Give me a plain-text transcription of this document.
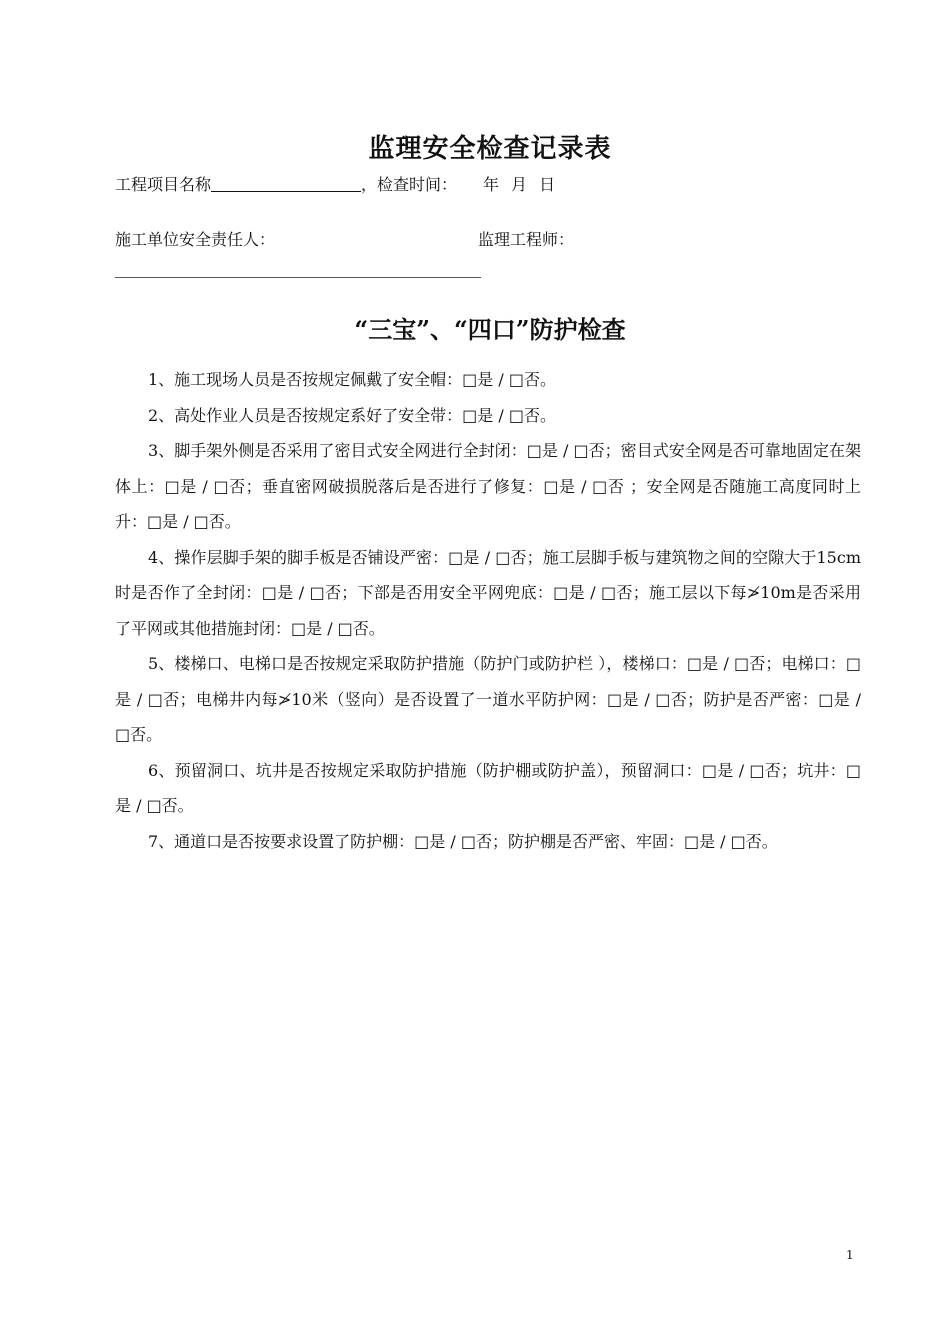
监理安全检查记录表
工程项目名称	，检查时间： 年 月 日
施工单位安全责任人：	监理工程师：
“三宝”、“四口”防护检查

1、施工现场人员是否按规定佩戴了安全帽：□是 / □否。

2、高处作业人员是否按规定系好了安全带：□是 / □否。

3、脚手架外侧是否采用了密目式安全网进行全封闭：□是 / □否；密目式安全网是否可靠地固定在架体上：□是 / □否；垂直密网破损脱落后是否进行了修复：□是 / □否 ；安全网是否随施工高度同时上升：□是 / □否。

4、操作层脚手架的脚手板是否铺设严密：□是 / □否；施工层脚手板与建筑物之间的空隙大于15cm时是否作了全封闭：□是 / □否；下部是否用安全平网兜底：□是 / □否；施工层以下每≯10m是否采用了平网或其他措施封闭：□是 / □否。

5、楼梯口、电梯口是否按规定采取防护措施（防护门或防护栏 ），楼梯口：□是 / □否；电梯口：□是 / □否；电梯井内每≯10米（竖向）是否设置了一道水平防护网：□是 / □否；防护是否严密：□是 / □否。

6、预留洞口、坑井是否按规定采取防护措施（防护棚或防护盖），预留洞口：□是 / □否；坑井：□是 / □否。

7、通道口是否按要求设置了防护棚：□是 / □否；防护棚是否严密、牢固：□是 / □否。

1
